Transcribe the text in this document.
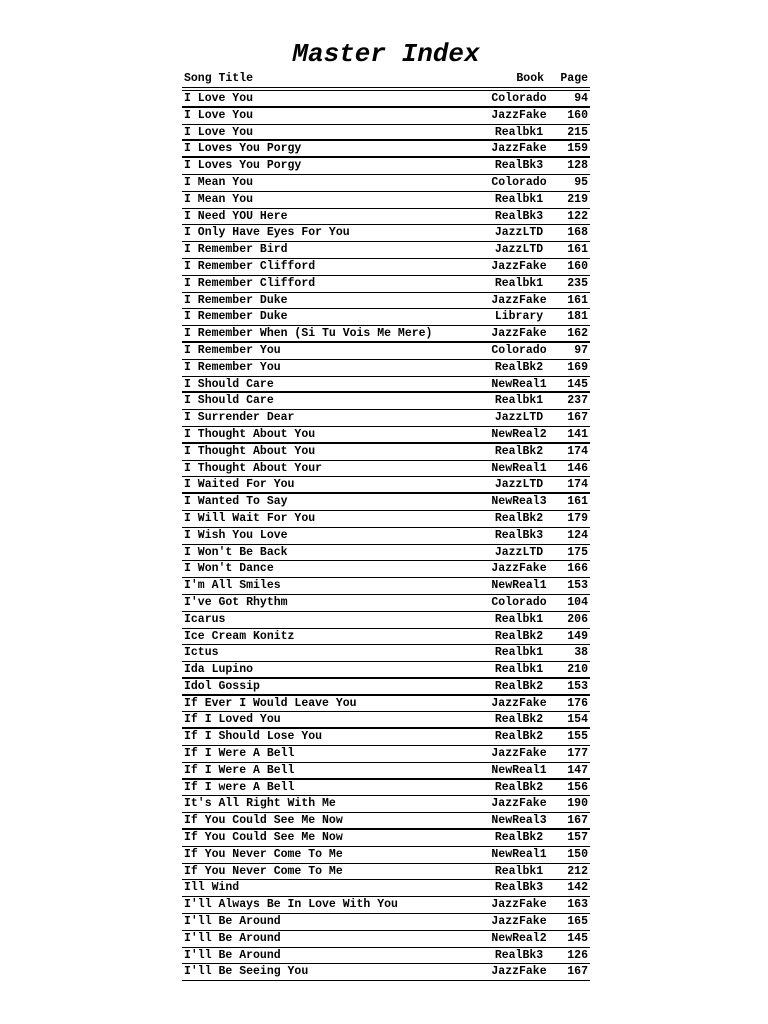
Master Index
Song Title	Book	Page
I Love You	Colorado	94
I Love You	JazzFake	160
I Love You	Realbk1	215
I Loves You Porgy	JazzFake	159
I Loves You Porgy	RealBk3	128
I Mean You	Colorado	95
I Mean You	Realbk1	219
I Need YOU Here	RealBk3	122
I Only Have Eyes For You	JazzLTD	168
I Remember Bird	JazzLTD	161
I Remember Clifford	JazzFake	160
I Remember Clifford	Realbk1	235
I Remember Duke	JazzFake	161
I Remember Duke	Library	181
I Remember When (Si Tu Vois Me Mere)	JazzFake	162
I Remember You	Colorado	97
I Remember You	RealBk2	169
I Should Care	NewReal1	145
I Should Care	Realbk1	237
I Surrender Dear	JazzLTD	167
I Thought About You	NewReal2	141
I Thought About You	RealBk2	174
I Thought About Your	NewReal1	146
I Waited For You	JazzLTD	174
I Wanted To Say	NewReal3	161
I Will Wait For You	RealBk2	179
I Wish You Love	RealBk3	124
I Won't Be Back	JazzLTD	175
I Won't Dance	JazzFake	166
I'm All Smiles	NewReal1	153
I've Got Rhythm	Colorado	104
Icarus	Realbk1	206
Ice Cream Konitz	RealBk2	149
Ictus	Realbk1	38
Ida Lupino	Realbk1	210
Idol Gossip	RealBk2	153
If Ever I Would Leave You	JazzFake	176
If I Loved You	RealBk2	154
If I Should Lose You	RealBk2	155
If I Were A Bell	JazzFake	177
If I Were A Bell	NewReal1	147
If I were A Bell	RealBk2	156
It's All Right With Me	JazzFake	190
If You Could See Me Now	NewReal3	167
If You Could See Me Now	RealBk2	157
If You Never Come To Me	NewReal1	150
If You Never Come To Me	Realbk1	212
Ill Wind	RealBk3	142
I'll Always Be In Love With You	JazzFake	163
I'll Be Around	JazzFake	165
I'll Be Around	NewReal2	145
I'll Be Around	RealBk3	126
I'll Be Seeing You	JazzFake	167
